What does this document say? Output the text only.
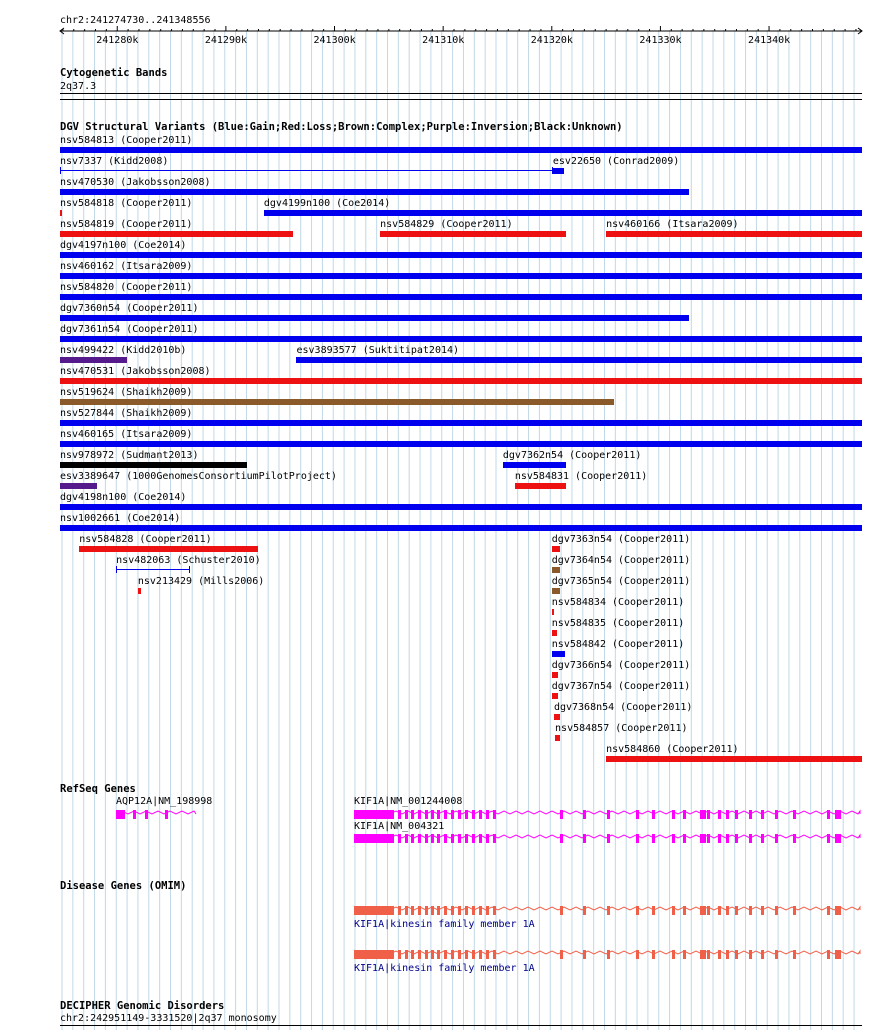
chr2:241274730..241348556
241280k	241290k	241300k	241310k	241320k	241330k	241340k
Cytogenetic Bands
2q37.3
DGV Structural Variants (Blue:Gain;Red:Loss;Brown:Complex;Purple:Inversion;Black:Unknown)
nsv584813 (Cooper2011)
nsv7337 (Kidd2008)	esv22650 (Conrad2009)
nsv470530 (Jakobsson2008)
nsv584818 (Cooper2011)	dgv4199n100 (Coe2014)
nsv584819 (Cooper2011)	nsv584829 (Cooper2011)	nsv460166 (Itsara2009)
dgv4197n100 (Coe2014)
nsv460162 (Itsara2009)
nsv584820 (Cooper2011)
dgv7360n54 (Cooper2011)
dgv7361n54 (Cooper2011)
nsv499422 (Kidd2010b)	esv3893577 (Suktitipat2014)
nsv470531 (Jakobsson2008)
nsv519624 (Shaikh2009)
nsv527844 (Shaikh2009)
nsv460165 (Itsara2009)
nsv978972 (Sudmant2013)	dgv7362n54 (Cooper2011)
esv3389647 (1000GenomesConsortiumPilotProject)	nsv584831 (Cooper2011)
dgv4198n100 (Coe2014)
nsv1002661 (Coe2014)
nsv584828 (Cooper2011)	dgv7363n54 (Cooper2011)
nsv482063 (Schuster2010)	dgv7364n54 (Cooper2011)
nsv213429 (Mills2006)	dgv7365n54 (Cooper2011)
nsv584834 (Cooper2011)
nsv584835 (Cooper2011)
nsv584842 (Cooper2011)
dgv7366n54 (Cooper2011)
dgv7367n54 (Cooper2011)
dgv7368n54 (Cooper2011)
nsv584857 (Cooper2011)
nsv584860 (Cooper2011)
RefSeq Genes
AQP12A|NM_198998	KIF1A|NM_001244008
KIF1A|NM_004321
Disease Genes (OMIM)
KIF1A|kinesin family member 1A
KIF1A|kinesin family member 1A
DECIPHER Genomic Disorders
chr2:242951149-3331520|2q37 monosomy
